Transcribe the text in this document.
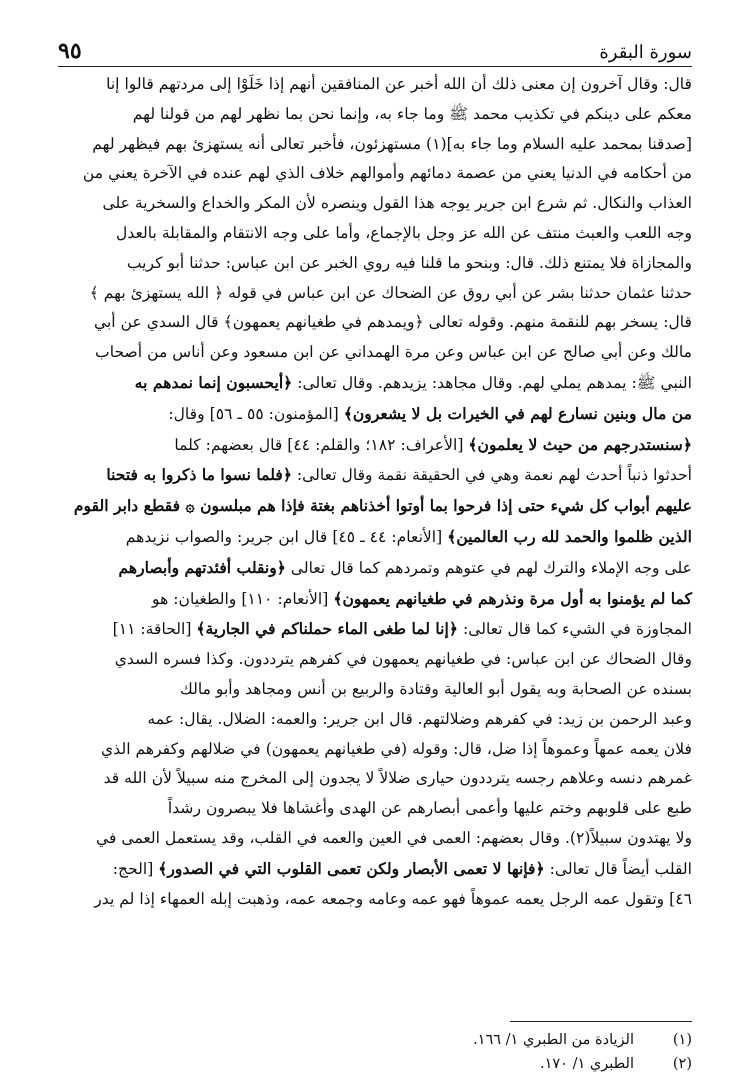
سورة البقرة
٩٥

قال: وقال آخرون إن معنى ذلك أن الله أخبر عن المنافقين أنهم إذا خَلَوْا إلى مردتهم قالوا إنا

معكم على دينكم في تكذيب محمد ﷺ وما جاء به، وإنما نحن بما نظهر لهم من قولنا لهم

[صدقنا بمحمد عليه السلام وما جاء به](١) مستهزئون، فأخبر تعالى أنه يستهزئ بهم فيظهر لهم

من أحكامه في الدنيا يعني من عصمة دمائهم وأموالهم خلاف الذي لهم عنده في الآخرة يعني من

العذاب والنكال. ثم شرع ابن جرير يوجه هذا القول وينصره لأن المكر والخداع والسخرية على

وجه اللعب والعبث منتف عن الله عز وجل بالإجماع، وأما على وجه الانتقام والمقابلة بالعدل

والمجازاة فلا يمتنع ذلك. قال: وبنحو ما قلنا فيه روي الخبر عن ابن عباس: حدثنا أبو كريب

حدثنا عثمان حدثنا بشر عن أبي روق عن الضحاك عن ابن عباس في قوله ﴿ الله يستهزئ بهم ﴾

قال: يسخر بهم للنقمة منهم. وقوله تعالى ﴿ويمدهم في طغيانهم يعمهون﴾ قال السدي عن أبي

مالك وعن أبي صالح عن ابن عباس وعن مرة الهمداني عن ابن مسعود وعن أناس من أصحاب

النبي ﷺ: يمدهم يملي لهم. وقال مجاهد: يزيدهم. وقال تعالى: ﴿أيحسبون إنما نمدهم به

من مال وبنين نسارع لهم في الخيرات بل لا يشعرون﴾ [المؤمنون: ٥٥ ـ ٥٦] وقال:

﴿سنستدرجهم من حيث لا يعلمون﴾ [الأعراف: ١٨٢؛ والقلم: ٤٤] قال بعضهم: كلما

أحدثوا ذنباً أحدث لهم نعمة وهي في الحقيقة نقمة وقال تعالى: ﴿فلما نسوا ما ذكروا به فتحنا

عليهم أبواب كل شيء حتى إذا فرحوا بما أوتوا أخذناهم بغتة فإذا هم مبلسون ۞ فقطع دابر القوم

الذين ظلموا والحمد لله رب العالمين﴾ [الأنعام: ٤٤ ـ ٤٥] قال ابن جرير: والصواب نزيدهم

على وجه الإملاء والترك لهم في عتوهم وتمردهم كما قال تعالى ﴿ونقلب أفئدتهم وأبصارهم

كما لم يؤمنوا به أول مرة ونذرهم في طغيانهم يعمهون﴾ [الأنعام: ١١٠] والطغيان: هو

المجاوزة في الشيء كما قال تعالى: ﴿إنا لما طغى الماء حملناكم في الجارية﴾ [الحاقة: ١١]

وقال الضحاك عن ابن عباس: في طغيانهم يعمهون في كفرهم يترددون. وكذا فسره السدي

بسنده عن الصحابة وبه يقول أبو العالية وقتادة والربيع بن أنس ومجاهد وأبو مالك

وعبد الرحمن بن زيد: في كفرهم وضلالتهم. قال ابن جرير: والعمه: الضلال. يقال: عمه

فلان يعمه عمهاً وعموهاً إذا ضل، قال: وقوله (في طغيانهم يعمهون) في ضلالهم وكفرهم الذي

غمرهم دنسه وعلاهم رجسه يترددون حيارى ضلالاً لا يجدون إلى المخرج منه سبيلاً لأن الله قد

طبع على قلوبهم وختم عليها وأعمى أبصارهم عن الهدى وأغشاها فلا يبصرون رشداً

ولا يهتدون سبيلاً(٢). وقال بعضهم: العمى في العين والعمه في القلب، وقد يستعمل العمى في

القلب أيضاً قال تعالى: ﴿فإنها لا تعمى الأبصار ولكن تعمى القلوب التي في الصدور﴾ [الحج:

٤٦] وتقول عمه الرجل يعمه عموهاً فهو عمه وعامه وجمعه عمه، وذهبت إبله العمهاء إذا لم يدر

(١)الزيادة من الطبري ١/ ١٦٦.
(٢)الطبري ١/ ١٧٠.
